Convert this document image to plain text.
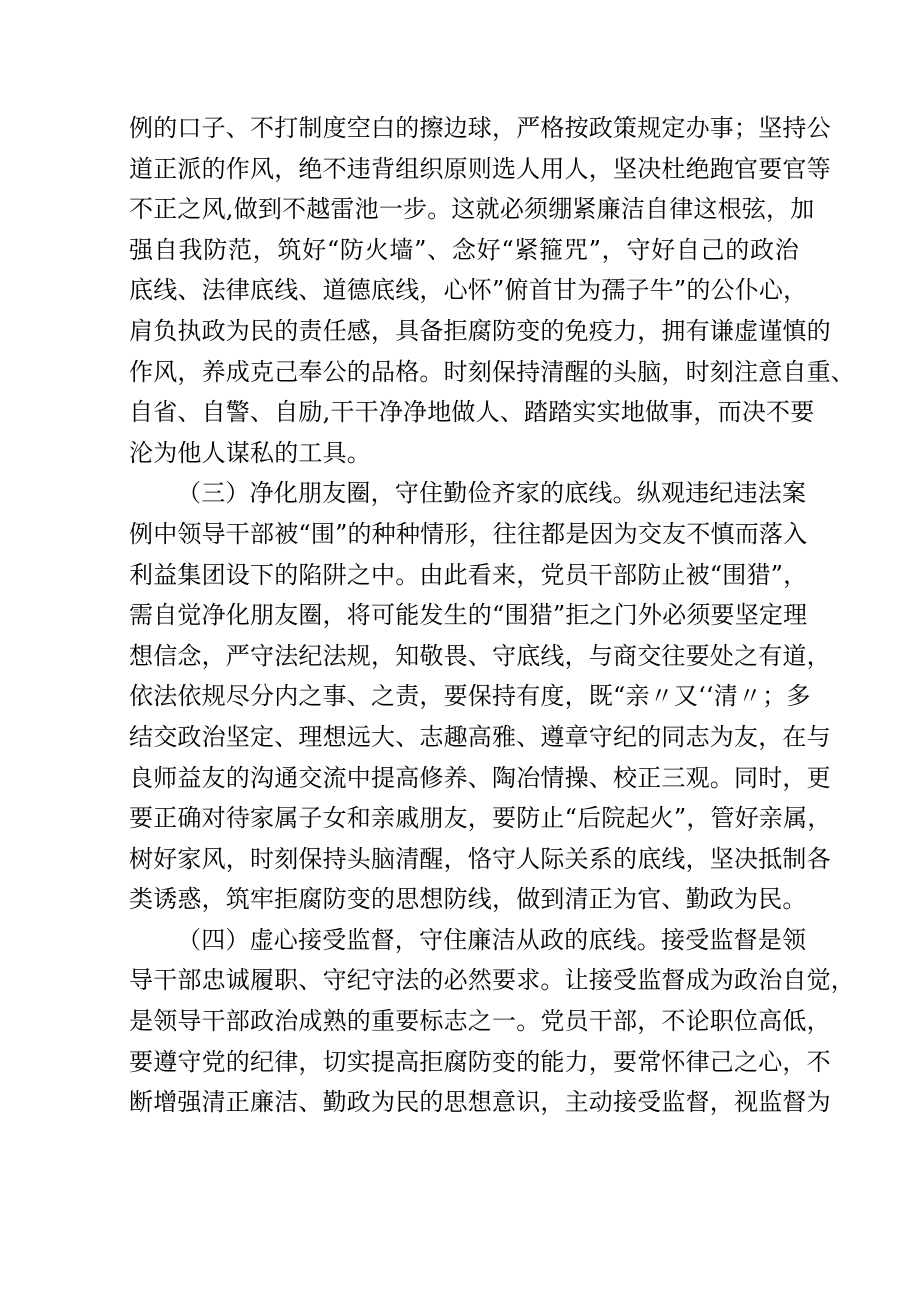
例的口子、不打制度空白的擦边球，严格按政策规定办事；坚持公
道正派的作风，绝不违背组织原则选人用人，坚决杜绝跑官要官等
不正之风,做到不越雷池一步。这就必须绷紧廉洁自律这根弦，加
强自我防范，筑好“防火墙”、念好“紧箍咒”，守好自己的政治
底线、法律底线、道德底线，心怀”俯首甘为孺子牛”的公仆心，
肩负执政为民的责任感，具备拒腐防变的免疫力，拥有谦虚谨慎的
作风，养成克己奉公的品格。时刻保持清醒的头脑，时刻注意自重、
自省、自警、自励,干干净净地做人、踏踏实实地做事，而决不要
沦为他人谋私的工具。
（三）净化朋友圈，守住勤俭齐家的底线。纵观违纪违法案
例中领导干部被“围”的种种情形，往往都是因为交友不慎而落入
利益集团设下的陷阱之中。由此看来，党员干部防止被“围猎”，
需自觉净化朋友圈，将可能发生的“围猎”拒之门外必须要坚定理
想信念，严守法纪法规，知敬畏、守底线，与商交往要处之有道，
依法依规尽分内之事、之责，要保持有度，既“亲〃又‘‘清〃；多
结交政治坚定、理想远大、志趣高雅、遵章守纪的同志为友，在与
良师益友的沟通交流中提高修养、陶冶情操、校正三观。同时，更
要正确对待家属子女和亲戚朋友，要防止“后院起火”，管好亲属，
树好家风，时刻保持头脑清醒，恪守人际关系的底线，坚决抵制各
类诱惑，筑牢拒腐防变的思想防线，做到清正为官、勤政为民。
（四）虚心接受监督，守住廉洁从政的底线。接受监督是领
导干部忠诚履职、守纪守法的必然要求。让接受监督成为政治自觉，
是领导干部政治成熟的重要标志之一。党员干部，不论职位高低，
要遵守党的纪律，切实提高拒腐防变的能力，要常怀律己之心，不
断增强清正廉洁、勤政为民的思想意识，主动接受监督，视监督为
